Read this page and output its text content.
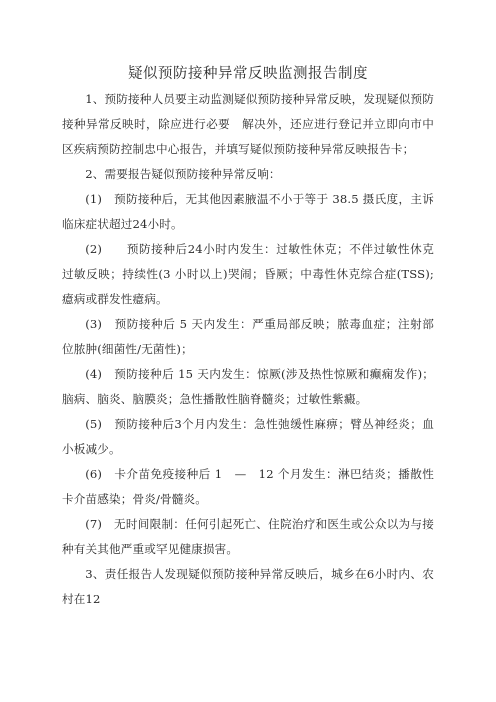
疑似预防接种异常反映监测报告制度

1、预防接种人员要主动监测疑似预防接种异常反映，发现疑似预防接种异常反映时，除应进行必要　解决外，还应进行登记并立即向市中区疾病预防控制忠中心报告，并填写疑似预防接种异常反映报告卡；

2、需要报告疑似预防接种异常反响：

(1)　预防接种后，无其他因素腋温不小于等于 38.5 摄氏度，主诉临床症状超过24小时。

(2)　　预防接种后24小时内发生：过敏性休克；不伴过敏性休克　过敏反映；持续性(3 小时以上)哭闹；昏厥；中毒性休克综合症(TSS);癔病或群发性癔病。

(3)　预防接种后 5 天内发生：严重局部反映；脓毒血症；注射部位脓肿(细菌性/无菌性)；

(4)　预防接种后 15 天内发生：惊厥(涉及热性惊厥和癫痫发作)；脑病、脑炎、脑膜炎；急性播散性脑脊髓炎；过敏性紫癜。

(5)　预防接种后3个月内发生：急性弛缓性麻痹；臂丛神经炎；血小板减少。

(6)　卡介苗免疫接种后 1　—　12 个月发生：淋巴结炎；播散性卡介苗感染；骨炎/骨髓炎。

(7)　无时间限制：任何引起死亡、住院治疗和医生或公众以为与接种有关其他严重或罕见健康损害。

3、责任报告人发现疑似预防接种异常反映后，城乡在6小时内、农村在12
